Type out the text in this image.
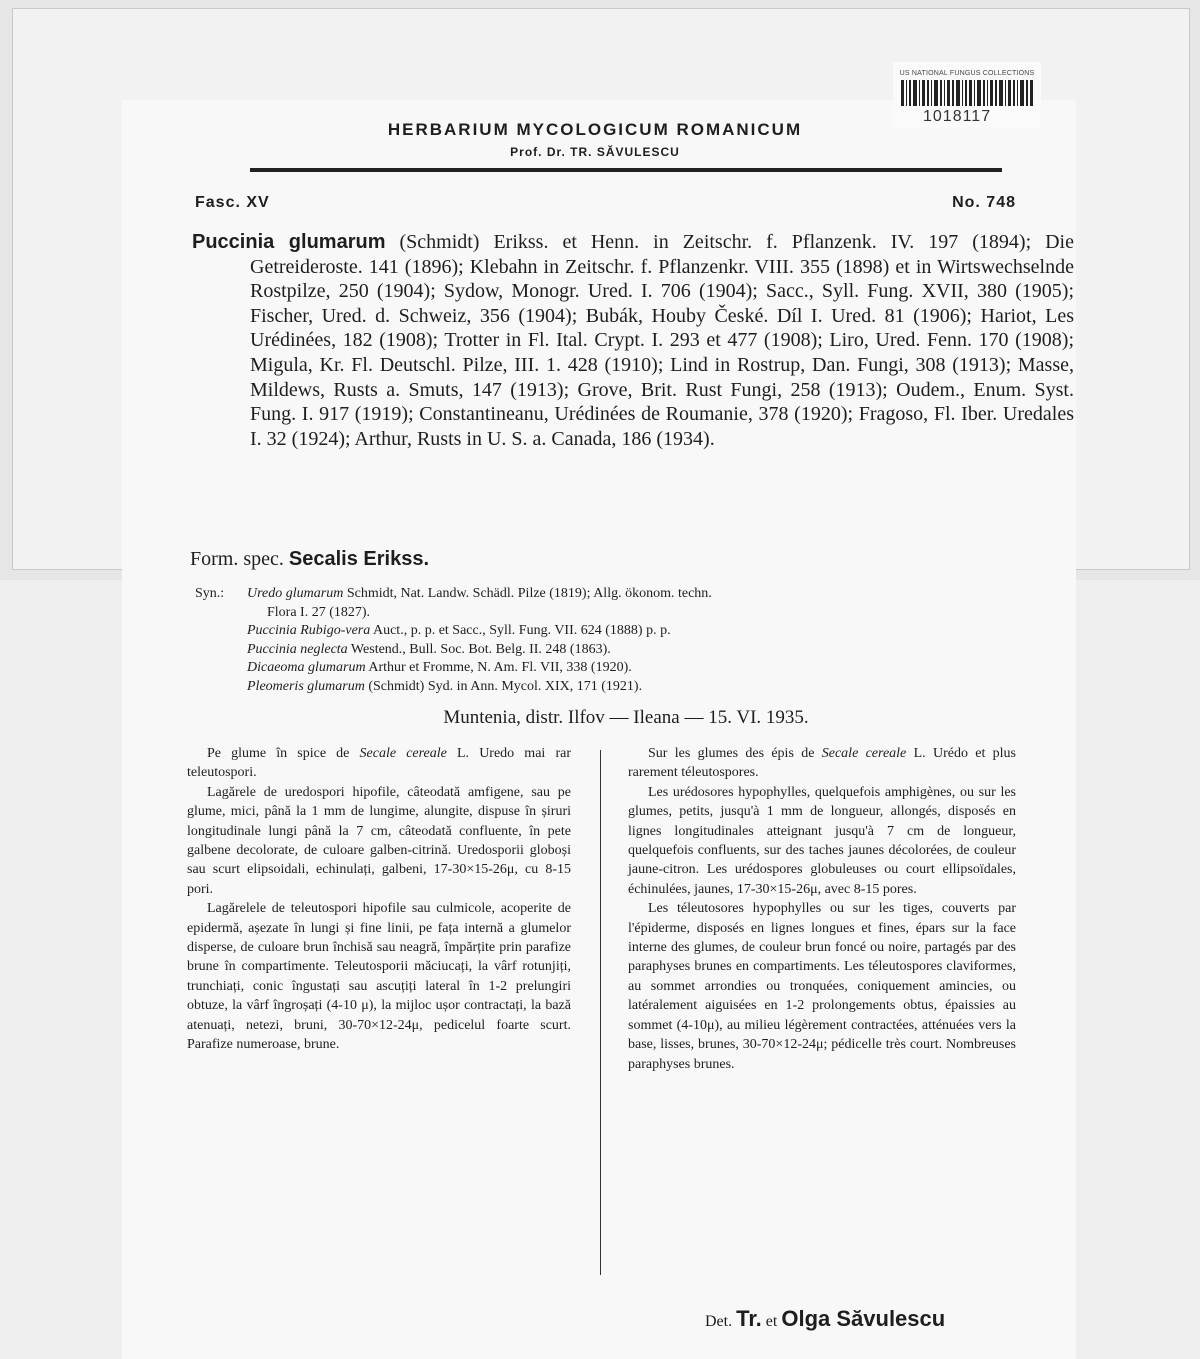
US NATIONAL FUNGUS COLLECTIONS
1018117
HERBARIUM MYCOLOGICUM ROMANICUM
Prof. Dr. TR. SĂVULESCU
Fasc. XV	No. 748
Puccinia glumarum (Schmidt) Erikss. et Henn. in Zeitschr. f. Pflanzenk. IV. 197 (1894); Die Getreideroste. 141 (1896); Klebahn in Zeitschr. f. Pflanzenkr. VIII. 355 (1898) et in Wirtswechselnde Rostpilze, 250 (1904); Sydow, Monogr. Ured. I. 706 (1904); Sacc., Syll. Fung. XVII, 380 (1905); Fischer, Ured. d. Schweiz, 356 (1904); Bubák, Houby České. Díl I. Ured. 81 (1906); Hariot, Les Urédinées, 182 (1908); Trotter in Fl. Ital. Crypt. I. 293 et 477 (1908); Liro, Ured. Fenn. 170 (1908); Migula, Kr. Fl. Deutschl. Pilze, III. 1. 428 (1910); Lind in Rostrup, Dan. Fungi, 308 (1913); Masse, Mildews, Rusts a. Smuts, 147 (1913); Grove, Brit. Rust Fungi, 258 (1913); Oudem., Enum. Syst. Fung. I. 917 (1919); Constantineanu, Urédinées de Roumanie, 378 (1920); Fragoso, Fl. Iber. Uredales I. 32 (1924); Arthur, Rusts in U. S. a. Canada, 186 (1934).
Form. spec. Secalis Erikss.
Syn.:	Uredo glumarum Schmidt, Nat. Landw. Schädl. Pilze (1819); Allg. ökonom. techn.
Flora I. 27 (1827).
Puccinia Rubigo-vera Auct., p. p. et Sacc., Syll. Fung. VII. 624 (1888) p. p.
Puccinia neglecta Westend., Bull. Soc. Bot. Belg. II. 248 (1863).
Dicaeoma glumarum Arthur et Fromme, N. Am. Fl. VII, 338 (1920).
Pleomeris glumarum (Schmidt) Syd. in Ann. Mycol. XIX, 171 (1921).
Muntenia, distr. Ilfov — Ileana — 15. VI. 1935.

Pe glume în spice de Secale cereale L. Uredo mai rar teleutospori.

Lagărele de uredospori hipofile, câteodată amfigene, sau pe glume, mici, până la 1 mm de lungime, alungite, dispuse în șiruri longitudinale lungi până la 7 cm, câteodată confluente, în pete galbene decolorate, de culoare galben-citrină. Uredosporii globoși sau scurt elipsoidali, echinulați, galbeni, 17-30×15-26μ, cu 8-15 pori.

Lagărelele de teleutospori hipofile sau culmicole, acoperite de epidermă, așezate în lungi și fine linii, pe fața internă a glumelor disperse, de culoare brun închisă sau neagră, împărțite prin parafize brune în compartimente. Teleutosporii măciucați, la vârf rotunjiți, trunchiați, conic îngustați sau ascuțiți lateral în 1-2 prelungiri obtuze, la vârf îngroșați (4-10 μ), la mijloc ușor contractați, la bază atenuați, netezi, bruni, 30-70×12-24μ, pedicelul foarte scurt. Parafize numeroase, brune.

Sur les glumes des épis de Secale cereale L. Urédo et plus rarement téleutospores.

Les urédosores hypophylles, quelquefois amphigènes, ou sur les glumes, petits, jusqu'à 1 mm de longueur, allongés, disposés en lignes longitudinales atteignant jusqu'à 7 cm de longueur, quelquefois confluents, sur des taches jaunes décolorées, de couleur jaune-citron. Les urédospores globuleuses ou court ellipsoïdales, échinulées, jaunes, 17-30×15-26μ, avec 8-15 pores.

Les téleutosores hypophylles ou sur les tiges, couverts par l'épiderme, disposés en lignes longues et fines, épars sur la face interne des glumes, de couleur brun foncé ou noire, partagés par des paraphyses brunes en compartiments. Les téleutospores claviformes, au sommet arrondies ou tronquées, coniquement amincies, ou latéralement aiguisées en 1-2 prolongements obtus, épaissies au sommet (4-10μ), au milieu légèrement contractées, atténuées vers la base, lisses, brunes, 30-70×12-24μ; pédicelle très court. Nombreuses paraphyses brunes.

Det. Tr. et Olga Săvulescu
